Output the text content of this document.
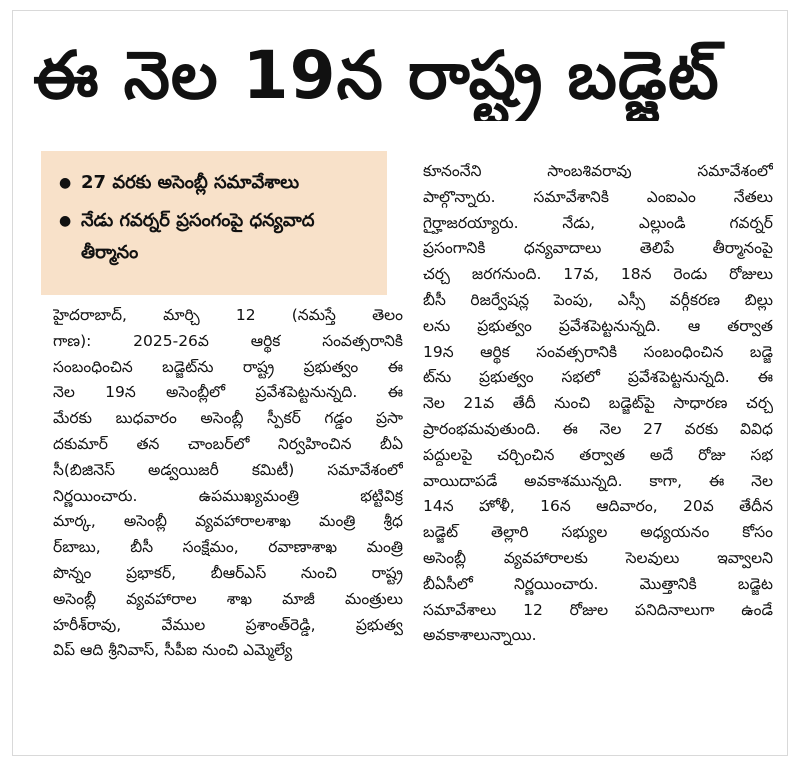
ఈ నెల 19న రాష్ట్ర బడ్జెట్
● 27 వరకు అసెంబ్లీ సమావేశాలు
● నేడు గవర్నర్ ప్రసంగంపై ధన్యవాద తీర్మానం
హైదరాబాద్, మార్చి 12 (నమస్తే తెలం
గాణ): 2025-26వ ఆర్థిక సంవత్సరానికి
సంబంధించిన బడ్జెట్‌ను రాష్ట్ర ప్రభుత్వం ఈ
నెల 19న అసెంబ్లీలో ప్రవేశపెట్టనున్నది. ఈ
మేరకు బుధవారం అసెంబ్లీ స్పీకర్ గడ్డం ప్రసా
దకుమార్ తన చాంబర్‌లో నిర్వహించిన బీఏ
సీ(బిజినెస్ అడ్వయిజరీ కమిటీ) సమావేశంలో
నిర్ణయించారు. ఉపముఖ్యమంత్రి భట్టివిక్ర
మార్క, అసెంబ్లీ వ్యవహారాలశాఖ మంత్రి శ్రీధ
ర్‌బాబు, బీసీ సంక్షేమం, రవాణాశాఖ మంత్రి
పొన్నం ప్రభాకర్, బీఆర్‌ఎస్ నుంచి రాష్ట్ర
అసెంబ్లీ వ్యవహారాల శాఖ మాజీ మంత్రులు
హరీశ్‌రావు, వేముల ప్రశాంత్‌రెడ్డి, ప్రభుత్వ
విప్ ఆది శ్రీనివాస్, సీపీఐ నుంచి ఎమ్మెల్యే
కూనంనేని సాంబశివరావు సమావేశంలో
పాల్గొన్నారు. సమావేశానికి ఎంఐఎం నేతలు
గైర్హాజరయ్యారు. నేడు, ఎల్లుండి గవర్నర్
ప్రసంగానికి ధన్యవాదాలు తెలిపే తీర్మానంపై
చర్చ జరగనుంది. 17వ, 18న రెండు రోజులు
బీసీ రిజర్వేషన్ల పెంపు, ఎస్సీ వర్గీకరణ బిల్లు
లను ప్రభుత్వం ప్రవేశపెట్టనున్నది. ఆ తర్వాత
19న ఆర్థిక సంవత్సరానికి సంబంధించిన బడ్జె
ట్‌ను ప్రభుత్వం సభలో ప్రవేశపెట్టనున్నది. ఈ
నెల 21వ తేదీ నుంచి బడ్జెట్‌పై సాధారణ చర్చ
ప్రారంభమవుతుంది. ఈ నెల 27 వరకు వివిధ
పద్దులపై చర్చించిన తర్వాత అదే రోజు సభ
వాయిదాపడే అవకాశమున్నది. కాగా, ఈ నెల
14న హోళీ, 16న ఆదివారం, 20వ తేదీన
బడ్జెట్ తెల్లారి సభ్యుల అధ్యయనం కోసం
అసెంబ్లీ వ్యవహారాలకు సెలవులు ఇవ్వాలని
బీఏసీలో నిర్ణయించారు. మొత్తానికి బడ్జెట
సమావేశాలు 12 రోజుల పనిదినాలుగా ఉండే
అవకాశాలున్నాయి.
